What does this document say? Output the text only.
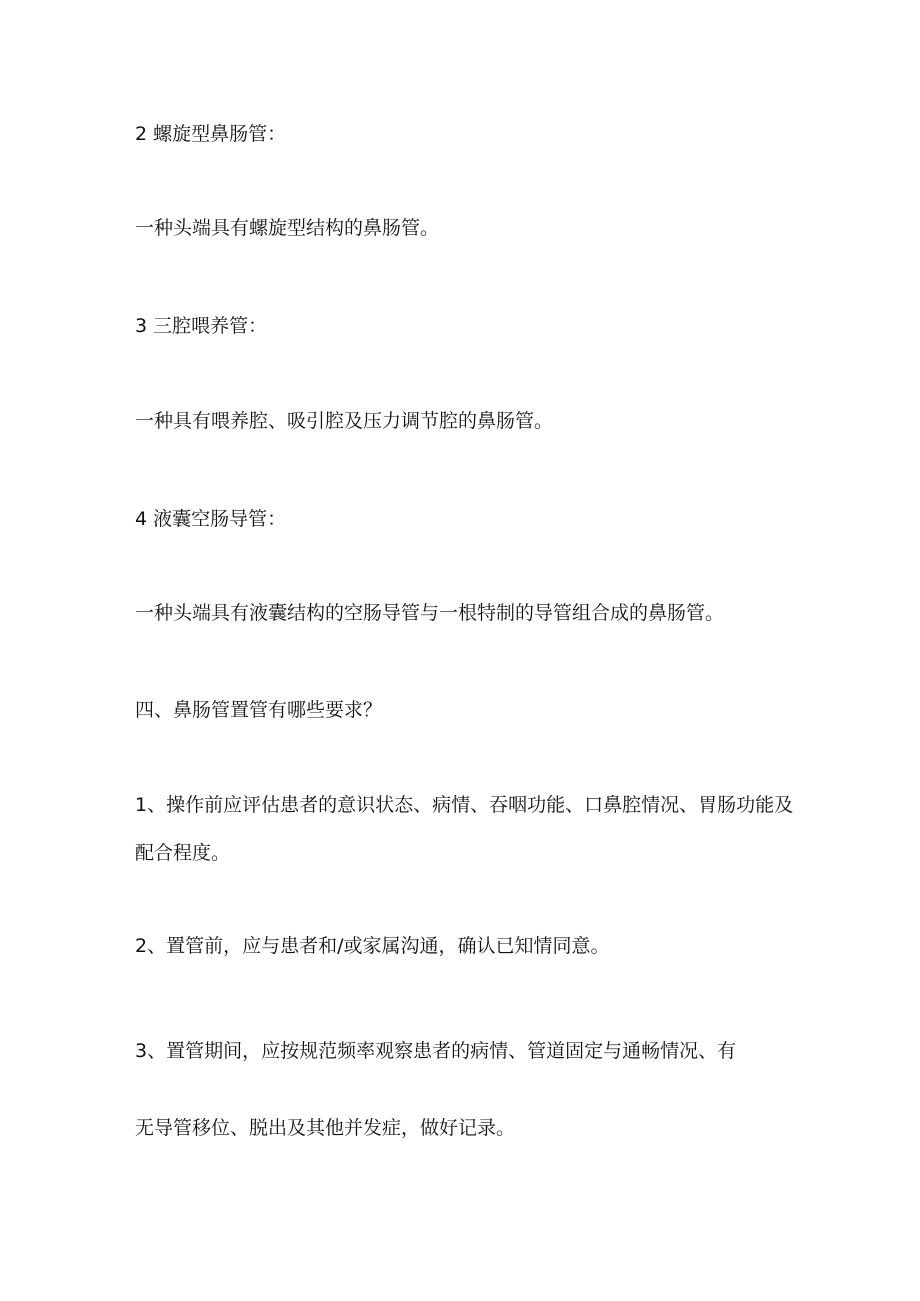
2 螺旋型鼻肠管：
一种头端具有螺旋型结构的鼻肠管。
3 三腔喂养管：
一种具有喂养腔、吸引腔及压力调节腔的鼻肠管。
4 液囊空肠导管：
一种头端具有液囊结构的空肠导管与一根特制的导管组合成的鼻肠管。
四、鼻肠管置管有哪些要求？
1、操作前应评估患者的意识状态、病情、吞咽功能、口鼻腔情况、胃肠功能及
配合程度。
2、置管前，应与患者和/或家属沟通，确认已知情同意。
3、置管期间，应按规范频率观察患者的病情、管道固定与通畅情况、有
无导管移位、脱出及其他并发症，做好记录。
